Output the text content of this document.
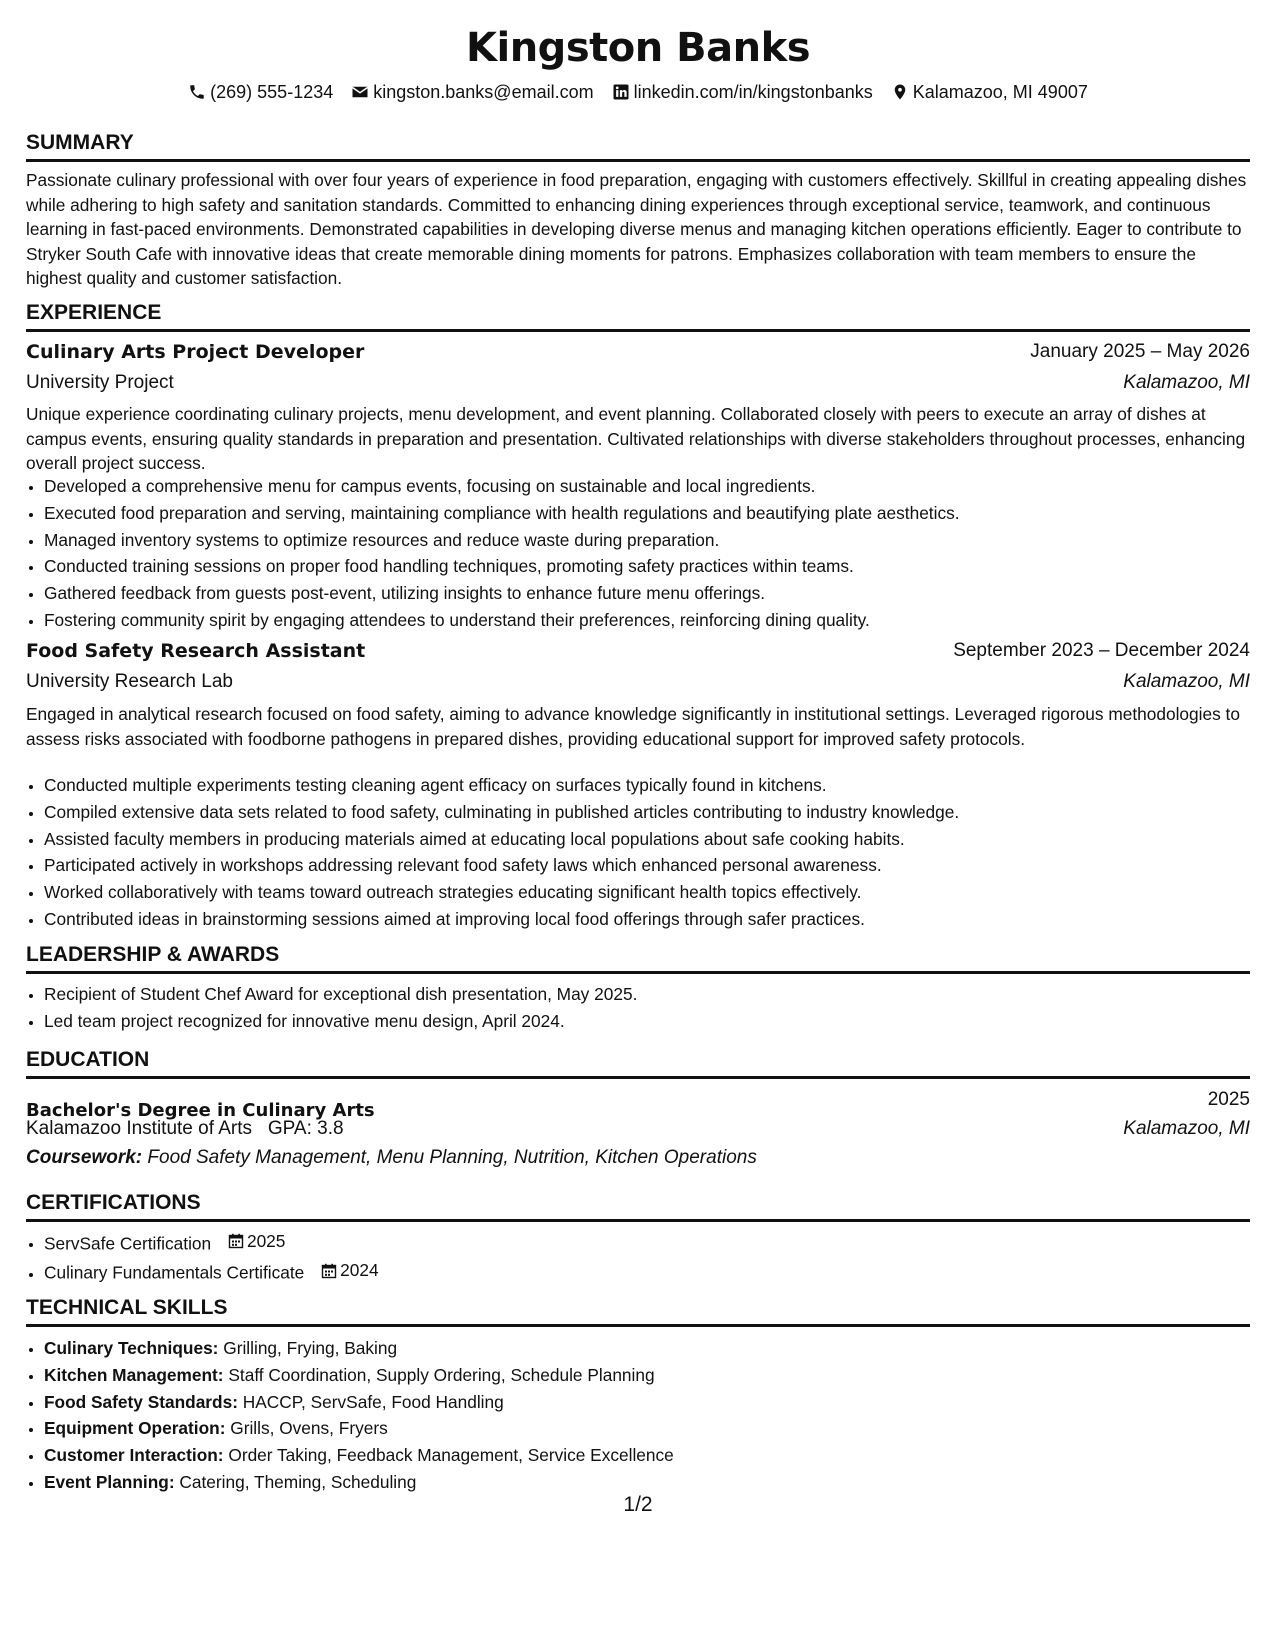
Kingston Banks
(269) 555-1234 kingston.banks@email.com linkedin.com/in/kingstonbanks Kalamazoo, MI 49007
SUMMARY

Passionate culinary professional with over four years of experience in food preparation, engaging with customers effectively. Skillful in creating appealing dishes while adhering to high safety and sanitation standards. Committed to enhancing dining experiences through exceptional service, teamwork, and continuous learning in fast-paced environments. Demonstrated capabilities in developing diverse menus and managing kitchen operations efficiently. Eager to contribute to Stryker South Cafe with innovative ideas that create memorable dining moments for patrons. Emphasizes collaboration with team members to ensure the highest quality and customer satisfaction.

EXPERIENCE
Culinary Arts Project Developer	January 2025 – May 2026
University Project	Kalamazoo, MI

Unique experience coordinating culinary projects, menu development, and event planning. Collaborated closely with peers to execute an array of dishes at campus events, ensuring quality standards in preparation and presentation. Cultivated relationships with diverse stakeholders throughout processes, enhancing overall project success.

• Developed a comprehensive menu for campus events, focusing on sustainable and local ingredients.
• Executed food preparation and serving, maintaining compliance with health regulations and beautifying plate aesthetics.
• Managed inventory systems to optimize resources and reduce waste during preparation.
• Conducted training sessions on proper food handling techniques, promoting safety practices within teams.
• Gathered feedback from guests post-event, utilizing insights to enhance future menu offerings.
• Fostering community spirit by engaging attendees to understand their preferences, reinforcing dining quality.
Food Safety Research Assistant	September 2023 – December 2024
University Research Lab	Kalamazoo, MI

Engaged in analytical research focused on food safety, aiming to advance knowledge significantly in institutional settings. Leveraged rigorous methodologies to assess risks associated with foodborne pathogens in prepared dishes, providing educational support for improved safety protocols.

• Conducted multiple experiments testing cleaning agent efficacy on surfaces typically found in kitchens.
• Compiled extensive data sets related to food safety, culminating in published articles contributing to industry knowledge.
• Assisted faculty members in producing materials aimed at educating local populations about safe cooking habits.
• Participated actively in workshops addressing relevant food safety laws which enhanced personal awareness.
• Worked collaboratively with teams toward outreach strategies educating significant health topics effectively.
• Contributed ideas in brainstorming sessions aimed at improving local food offerings through safer practices.
LEADERSHIP & AWARDS
• Recipient of Student Chef Award for exceptional dish presentation, May 2025.
• Led team project recognized for innovative menu design, April 2024.
EDUCATION
Bachelor's Degree in Culinary Arts
2025
Kalamazoo Institute of Arts GPA: 3.8	Kalamazoo, MI
Coursework: Food Safety Management, Menu Planning, Nutrition, Kitchen Operations
CERTIFICATIONS
• ServSafe Certification 2025
• Culinary Fundamentals Certificate 2024
TECHNICAL SKILLS
• Culinary Techniques: Grilling, Frying, Baking
• Kitchen Management: Staff Coordination, Supply Ordering, Schedule Planning
• Food Safety Standards: HACCP, ServSafe, Food Handling
• Equipment Operation: Grills, Ovens, Fryers
• Customer Interaction: Order Taking, Feedback Management, Service Excellence
• Event Planning: Catering, Theming, Scheduling
1/2
